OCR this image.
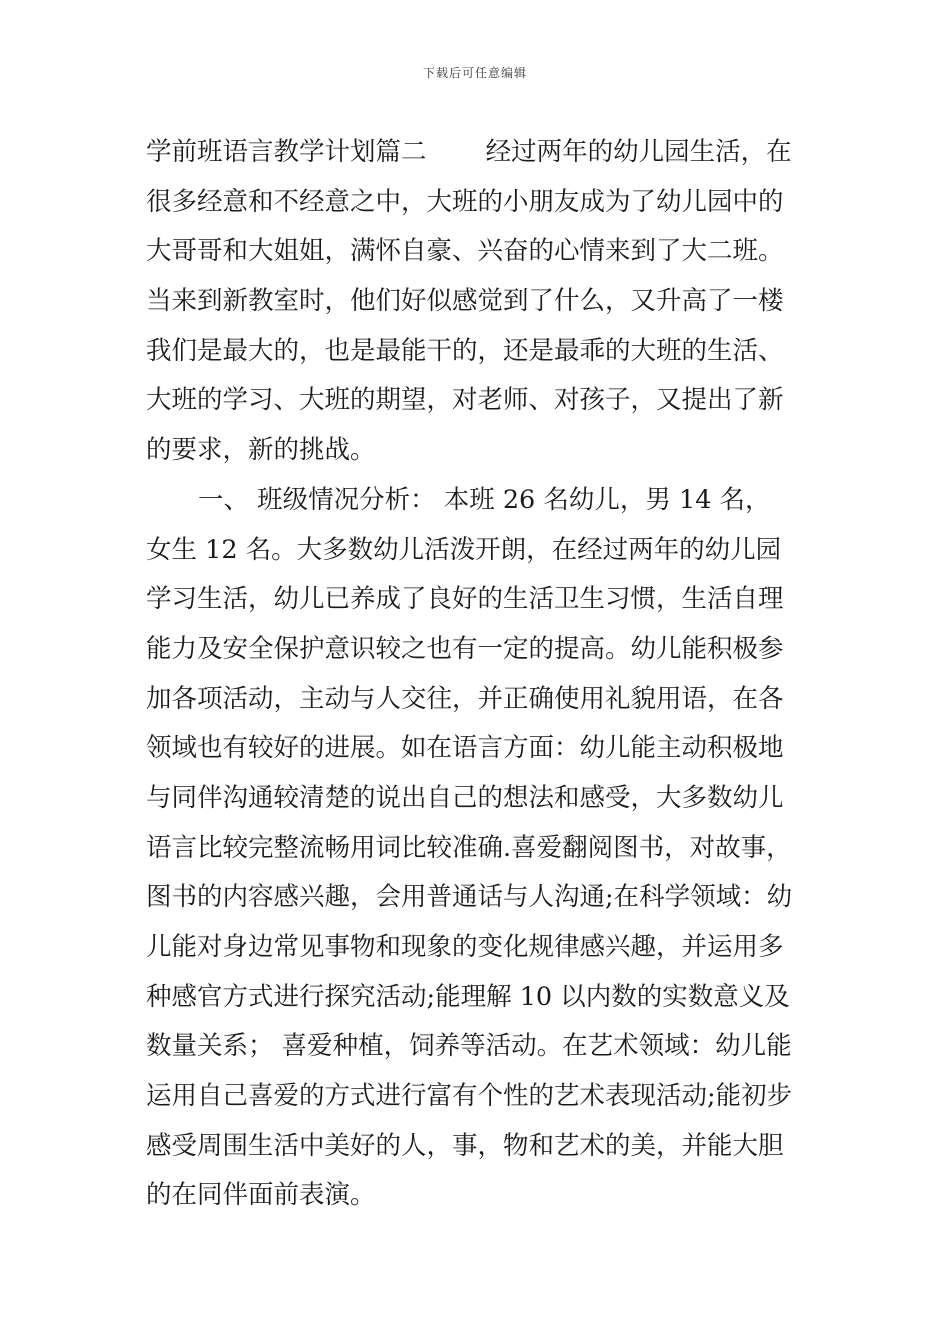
下载后可任意编辑
学前班语言教学计划篇二　　 经过两年的幼儿园生活，在
很多经意和不经意之中，大班的小朋友成为了幼儿园中的
大哥哥和大姐姐，满怀自豪、兴奋的心情来到了大二班。
当来到新教室时，他们好似感觉到了什么，又升高了一楼
我们是最大的，也是最能干的，还是最乖的大班的生活、
大班的学习、大班的期望，对老师、对孩子，又提出了新
的要求，新的挑战。
一、 班级情况分析： 本班 26 名幼儿，男 14 名，
女生 12 名。大多数幼儿活泼开朗，在经过两年的幼儿园
学习生活，幼儿已养成了良好的生活卫生习惯，生活自理
能力及安全保护意识较之也有一定的提高。幼儿能积极参
加各项活动，主动与人交往，并正确使用礼貌用语，在各
领域也有较好的进展。如在语言方面：幼儿能主动积极地
与同伴沟通较清楚的说出自己的想法和感受，大多数幼儿
语言比较完整流畅用词比较准确.喜爱翻阅图书，对故事，
图书的内容感兴趣，会用普通话与人沟通;在科学领域：幼
儿能对身边常见事物和现象的变化规律感兴趣，并运用多
种感官方式进行探究活动;能理解 10 以内数的实数意义及
数量关系； 喜爱种植，饲养等活动。在艺术领域：幼儿能
运用自己喜爱的方式进行富有个性的艺术表现活动;能初步
感受周围生活中美好的人，事，物和艺术的美，并能大胆
的在同伴面前表演。
